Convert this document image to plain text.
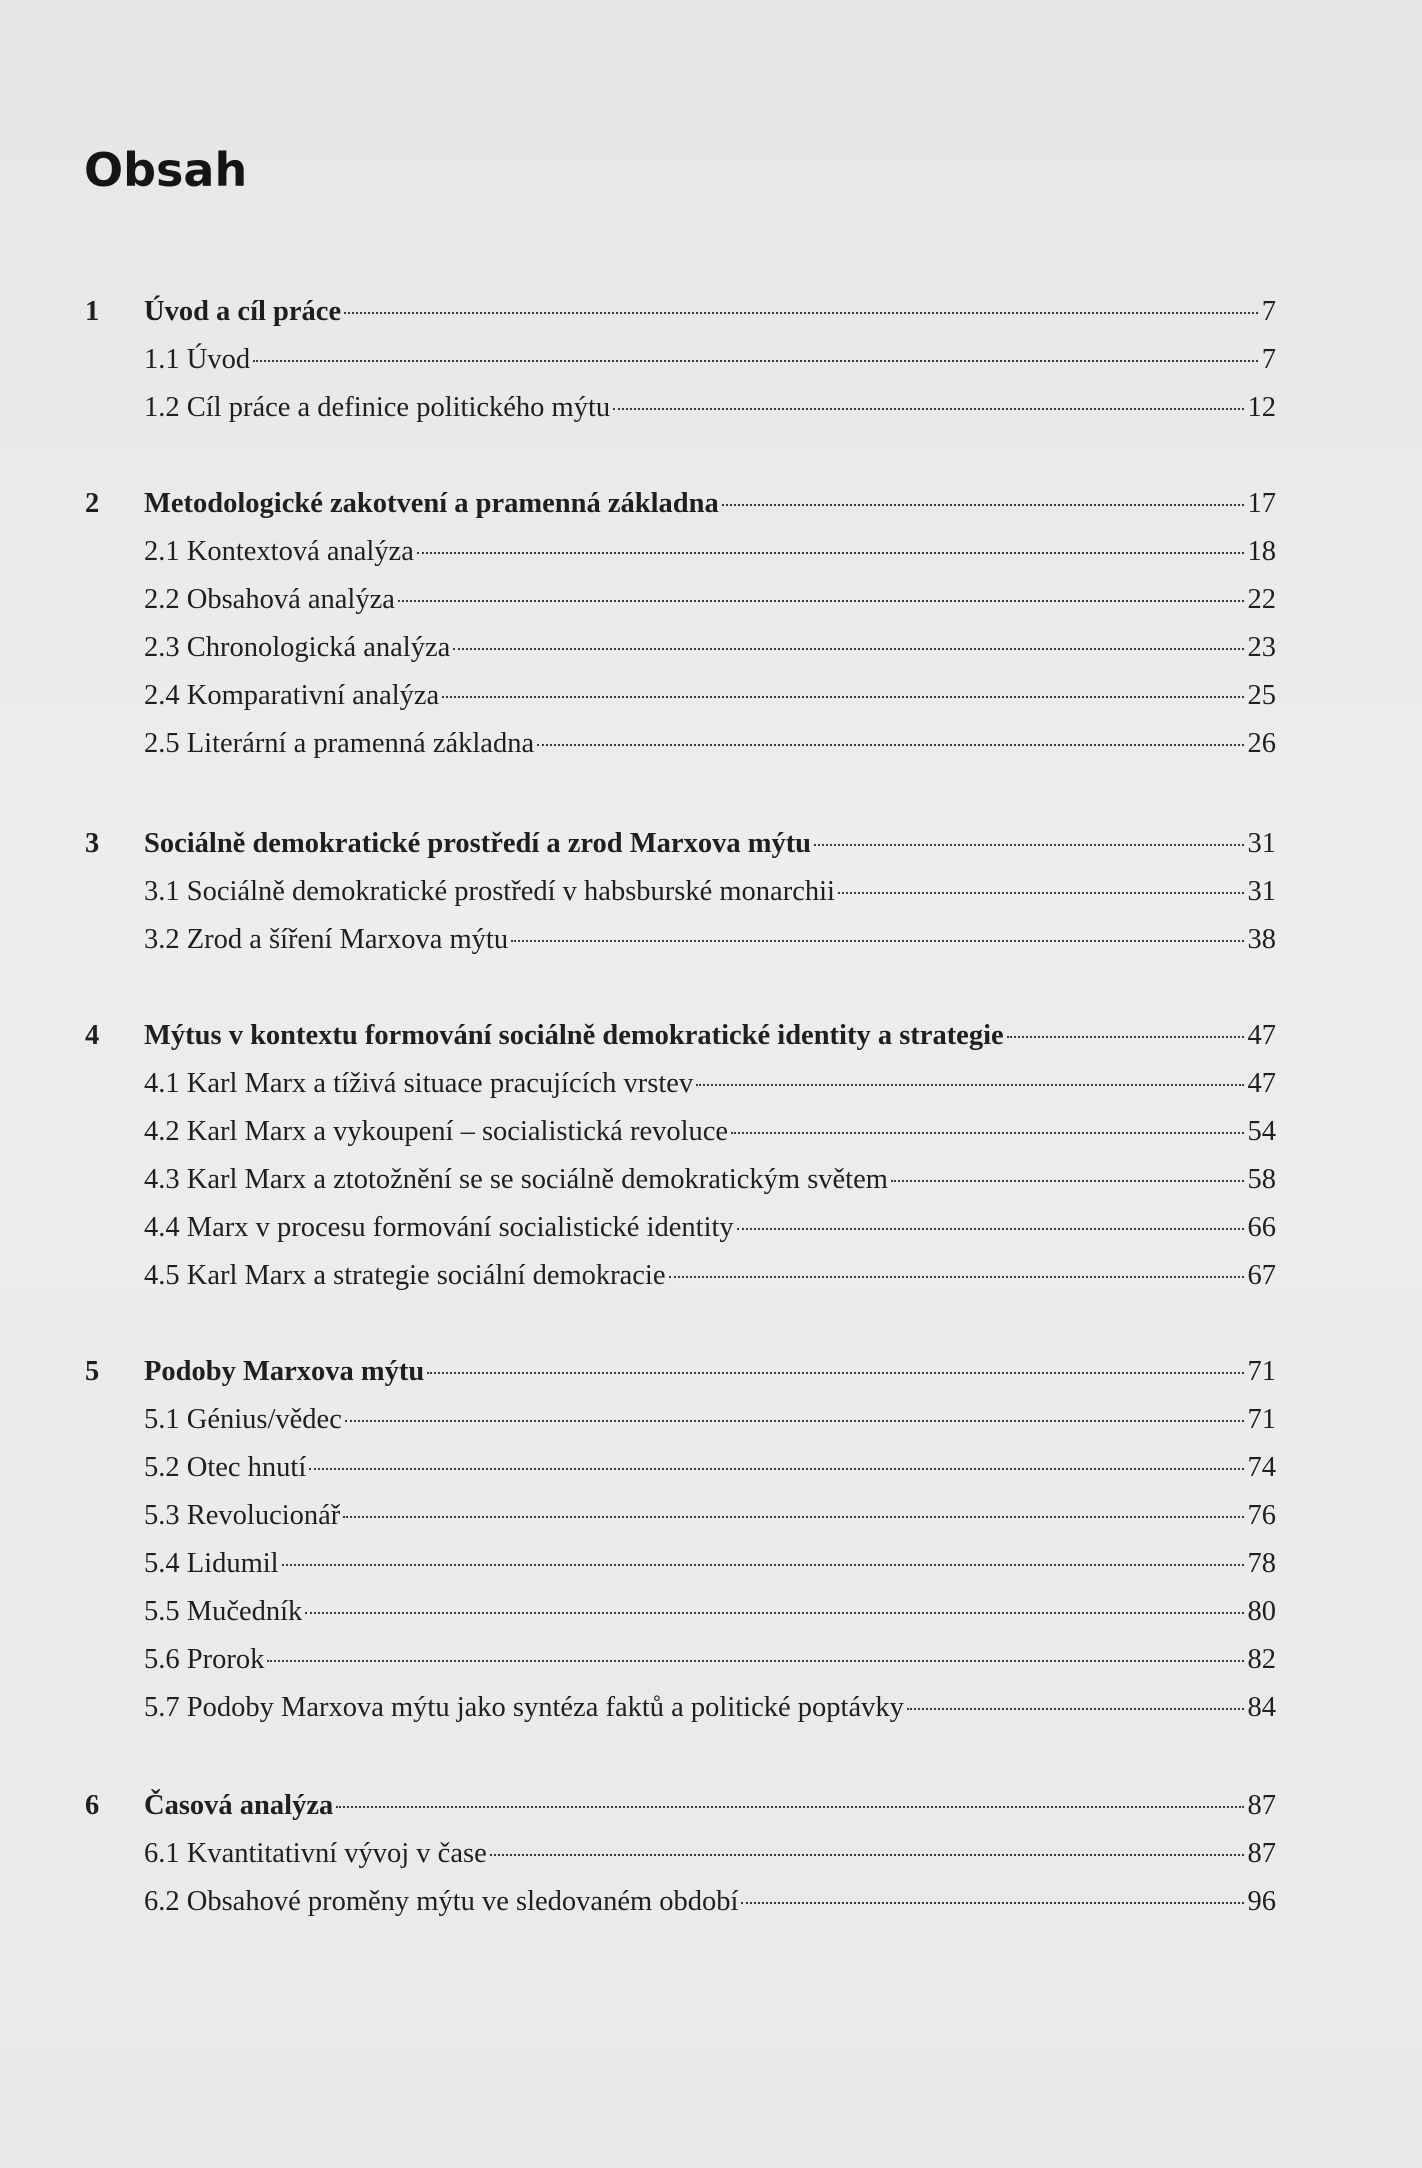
Obsah
1 Úvod a cíl práce	7
1.1 Úvod	7
1.2 Cíl práce a definice politického mýtu	12
2 Metodologické zakotvení a pramenná základna	17
2.1 Kontextová analýza	18
2.2 Obsahová analýza	22
2.3 Chronologická analýza	23
2.4 Komparativní analýza	25
2.5 Literární a pramenná základna	26
3 Sociálně demokratické prostředí a zrod Marxova mýtu	31
3.1 Sociálně demokratické prostředí v habsburské monarchii	31
3.2 Zrod a šíření Marxova mýtu	38
4 Mýtus v kontextu formování sociálně demokratické identity a strategie	47
4.1 Karl Marx a tíživá situace pracujících vrstev	47
4.2 Karl Marx a vykoupení – socialistická revoluce	54
4.3 Karl Marx a ztotožnění se se sociálně demokratickým světem	58
4.4 Marx v procesu formování socialistické identity	66
4.5 Karl Marx a strategie sociální demokracie	67
5 Podoby Marxova mýtu	71
5.1 Génius/vědec	71
5.2 Otec hnutí	74
5.3 Revolucionář	76
5.4 Lidumil	78
5.5 Mučedník	80
5.6 Prorok	82
5.7 Podoby Marxova mýtu jako syntéza faktů a politické poptávky	84
6 Časová analýza	87
6.1 Kvantitativní vývoj v čase	87
6.2 Obsahové proměny mýtu ve sledovaném období	96
